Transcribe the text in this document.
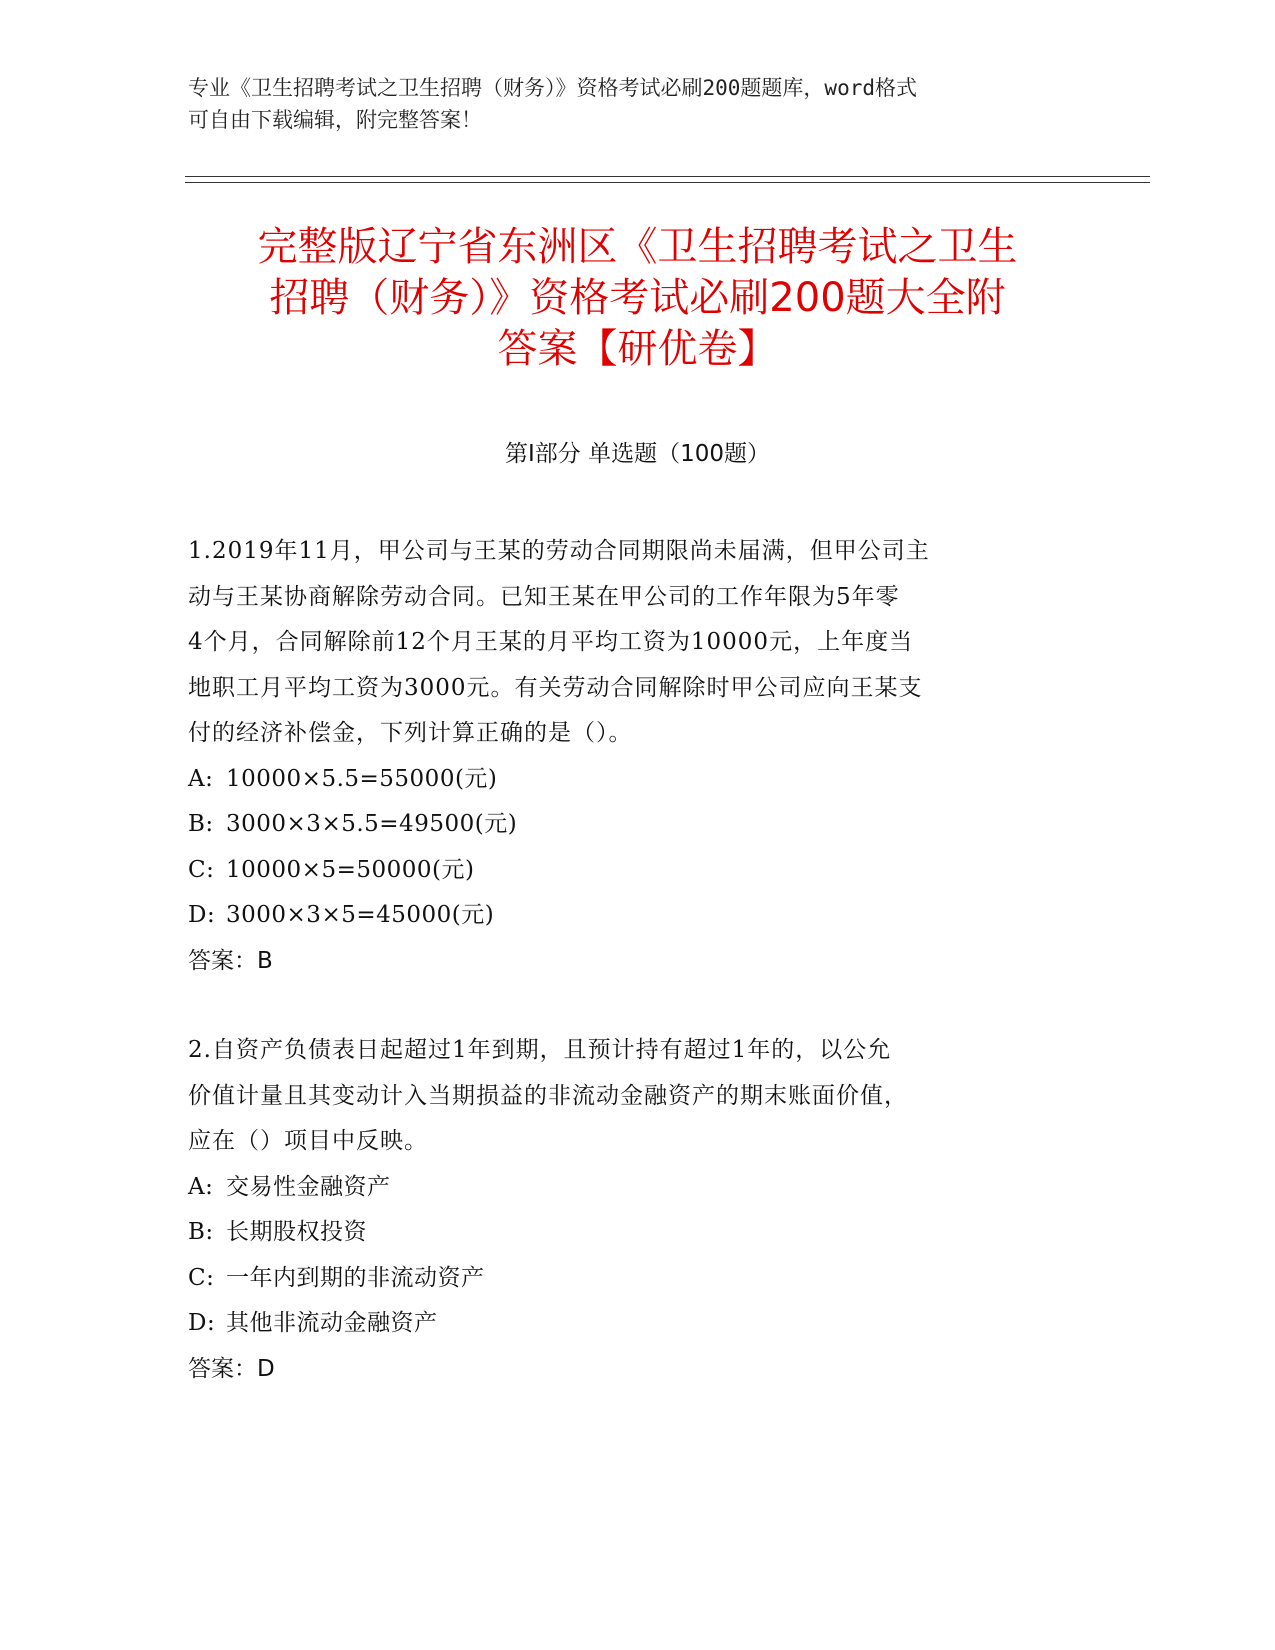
专业《卫生招聘考试之卫生招聘（财务）》资格考试必刷200题题库，word格式
可自由下载编辑，附完整答案！
完整版辽宁省东洲区《卫生招聘考试之卫生
招聘（财务）》资格考试必刷200题大全附
答案【研优卷】
第Ⅰ部分 单选题（100题）

1.2019年11月，甲公司与王某的劳动合同期限尚未届满，但甲公司主

动与王某协商解除劳动合同。已知王某在甲公司的工作年限为5年零

4个月，合同解除前12个月王某的月平均工资为10000元，上年度当

地职工月平均工资为3000元。有关劳动合同解除时甲公司应向王某支

付的经济补偿金，下列计算正确的是（）。

A: 10000×5.5=55000(元)

B: 3000×3×5.5=49500(元)

C: 10000×5=50000(元)

D: 3000×3×5=45000(元)

答案：B

2.自资产负债表日起超过1年到期，且预计持有超过1年的，以公允

价值计量且其变动计入当期损益的非流动金融资产的期末账面价值，

应在（）项目中反映。

A: 交易性金融资产

B: 长期股权投资

C: 一年内到期的非流动资产

D: 其他非流动金融资产

答案：D
